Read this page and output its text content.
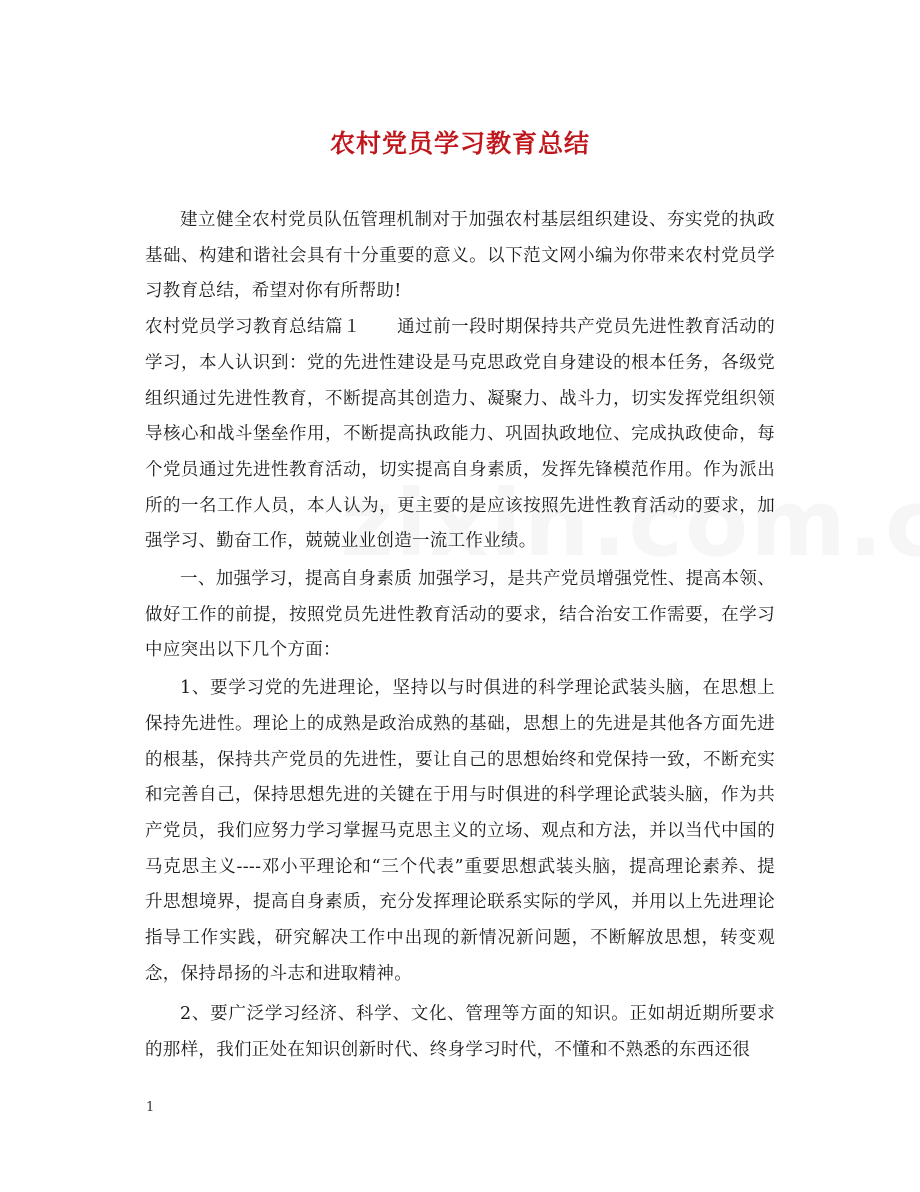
农村党员学习教育总结

建立健全农村党员队伍管理机制对于加强农村基层组织建设、夯实党的执政基础、构建和谐社会具有十分重要的意义。以下范文网小编为你带来农村党员学习教育总结，希望对你有所帮助!

农村党员学习教育总结篇１　　通过前一段时期保持共产党员先进性教育活动的学习，本人认识到：党的先进性建设是马克思政党自身建设的根本任务，各级党组织通过先进性教育，不断提高其创造力、凝聚力、战斗力，切实发挥党组织领导核心和战斗堡垒作用，不断提高执政能力、巩固执政地位、完成执政使命，每个党员通过先进性教育活动，切实提高自身素质，发挥先锋模范作用。作为派出所的一名工作人员，本人认为，更主要的是应该按照先进性教育活动的要求，加强学习、勤奋工作，兢兢业业创造一流工作业绩。

一、加强学习，提高自身素质 加强学习，是共产党员增强党性、提高本领、做好工作的前提，按照党员先进性教育活动的要求，结合治安工作需要，在学习中应突出以下几个方面：

1、要学习党的先进理论，坚持以与时俱进的科学理论武装头脑，在思想上保持先进性。理论上的成熟是政治成熟的基础，思想上的先进是其他各方面先进的根基，保持共产党员的先进性，要让自己的思想始终和党保持一致，不断充实和完善自己，保持思想先进的关键在于用与时俱进的科学理论武装头脑，作为共产党员，我们应努力学习掌握马克思主义的立场、观点和方法，并以当代中国的马克思主义----邓小平理论和“三个代表”重要思想武装头脑，提高理论素养、提升思想境界，提高自身素质，充分发挥理论联系实际的学风，并用以上先进理论指导工作实践，研究解决工作中出现的新情况新问题，不断解放思想，转变观念，保持昂扬的斗志和进取精神。

2、要广泛学习经济、科学、文化、管理等方面的知识。正如胡近期所要求的那样，我们正处在知识创新时代、终身学习时代，不懂和不熟悉的东西还很

1
